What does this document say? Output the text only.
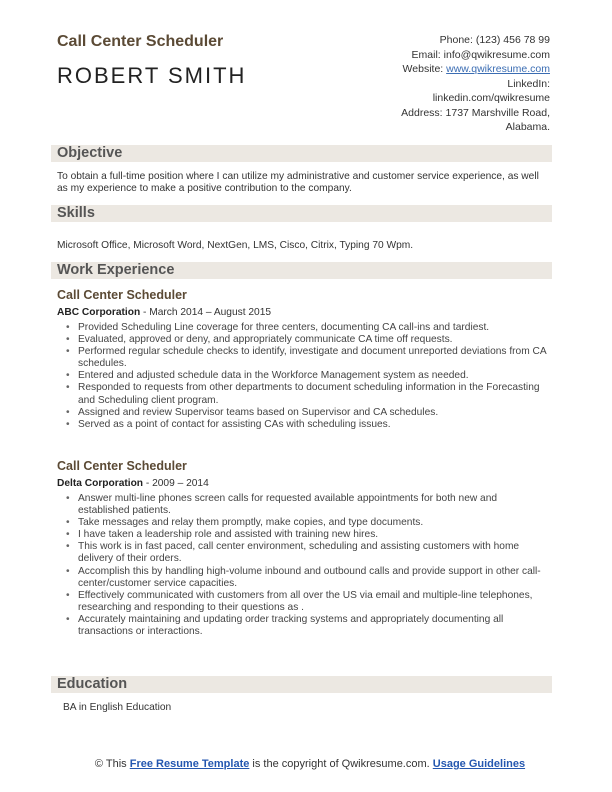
Call Center Scheduler
ROBERT SMITH
Phone: (123) 456 78 99
Email: info@qwikresume.com
Website: www.qwikresume.com
LinkedIn:
linkedin.com/qwikresume
Address: 1737 Marshville Road,
Alabama.
Objective
To obtain a full-time position where I can utilize my administrative and customer service experience, as well as my experience to make a positive contribution to the company.
Skills
Microsoft Office, Microsoft Word, NextGen, LMS, Cisco, Citrix, Typing 70 Wpm.
Work Experience
Call Center Scheduler
ABC Corporation - March 2014 – August 2015
• Provided Scheduling Line coverage for three centers, documenting CA call-ins and tardiest.
• Evaluated, approved or deny, and appropriately communicate CA time off requests.
• Performed regular schedule checks to identify, investigate and document unreported deviations from CA schedules.
• Entered and adjusted schedule data in the Workforce Management system as needed.
• Responded to requests from other departments to document scheduling information in the Forecasting and Scheduling client program.
• Assigned and review Supervisor teams based on Supervisor and CA schedules.
• Served as a point of contact for assisting CAs with scheduling issues.
Call Center Scheduler
Delta Corporation - 2009 – 2014
• Answer multi-line phones screen calls for requested available appointments for both new and established patients.
• Take messages and relay them promptly, make copies, and type documents.
• I have taken a leadership role and assisted with training new hires.
• This work is in fast paced, call center environment, scheduling and assisting customers with home delivery of their orders.
• Accomplish this by handling high-volume inbound and outbound calls and provide support in other call-center/customer service capacities.
• Effectively communicated with customers from all over the US via email and multiple-line telephones, researching and responding to their questions as .
• Accurately maintaining and updating order tracking systems and appropriately documenting all transactions or interactions.
Education
BA in English Education
© This Free Resume Template is the copyright of Qwikresume.com. Usage Guidelines
